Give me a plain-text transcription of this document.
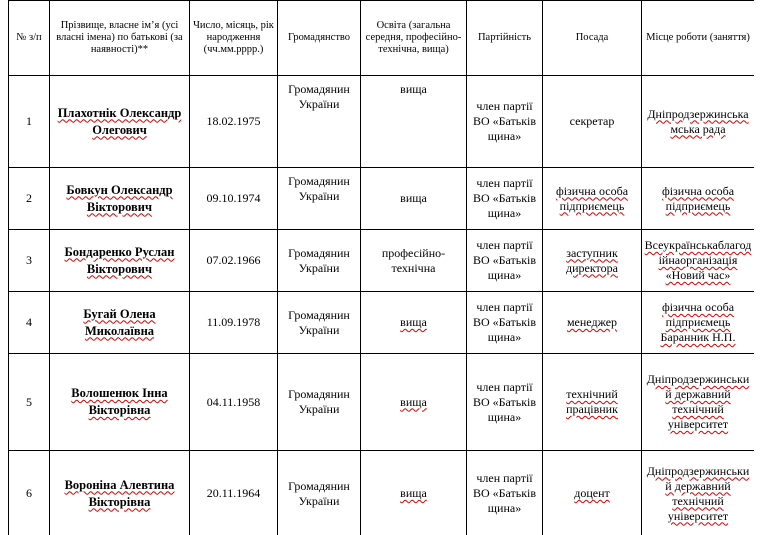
№ з/п	Прізвище, власне ім’я (усі власні імена) по батькові (за наявності)**	Число, місяць, рік народження (чч.мм.рррр.)	Громадянство	Освіта (загальна середня, професійно-технічна, вища)	Партійність	Посада	Місце роботи (заняття)
1	Плахотнік Олександр Олегович	18.02.1975	Громадянин України	вища	член партії ВО «Батьків щина»	секретар	Дніпродзержинськамська рада
2	Бовкун Олександр Вікторович	09.10.1974	Громадянин України	вища	член партії ВО «Батьків щина»	фізична особа підприємець	фізична особа підприємець
3	Бондаренко Руслан Вікторович	07.02.1966	Громадянин України	професійно-технічна	член партії ВО «Батьків щина»	заступник директора	Всеукраїнськаблагодійнаорганізація «Новий час»
4	Бугай Олена Миколаївна	11.09.1978	Громадянин України	вища	член партії ВО «Батьків щина»	менеджер	фізична особа підприємець Баранник Н.П.
5	Волошенюк Інна Вікторівна	04.11.1958	Громадянин України	вища	член партії ВО «Батьків щина»	технічний працівник	Дніпродзержинський державний технічний університет
6	Вороніна Алевтина Вікторівна	20.11.1964	Громадянин України	вища	член партії ВО «Батьків щина»	доцент	Дніпродзержинський державний технічний університет
